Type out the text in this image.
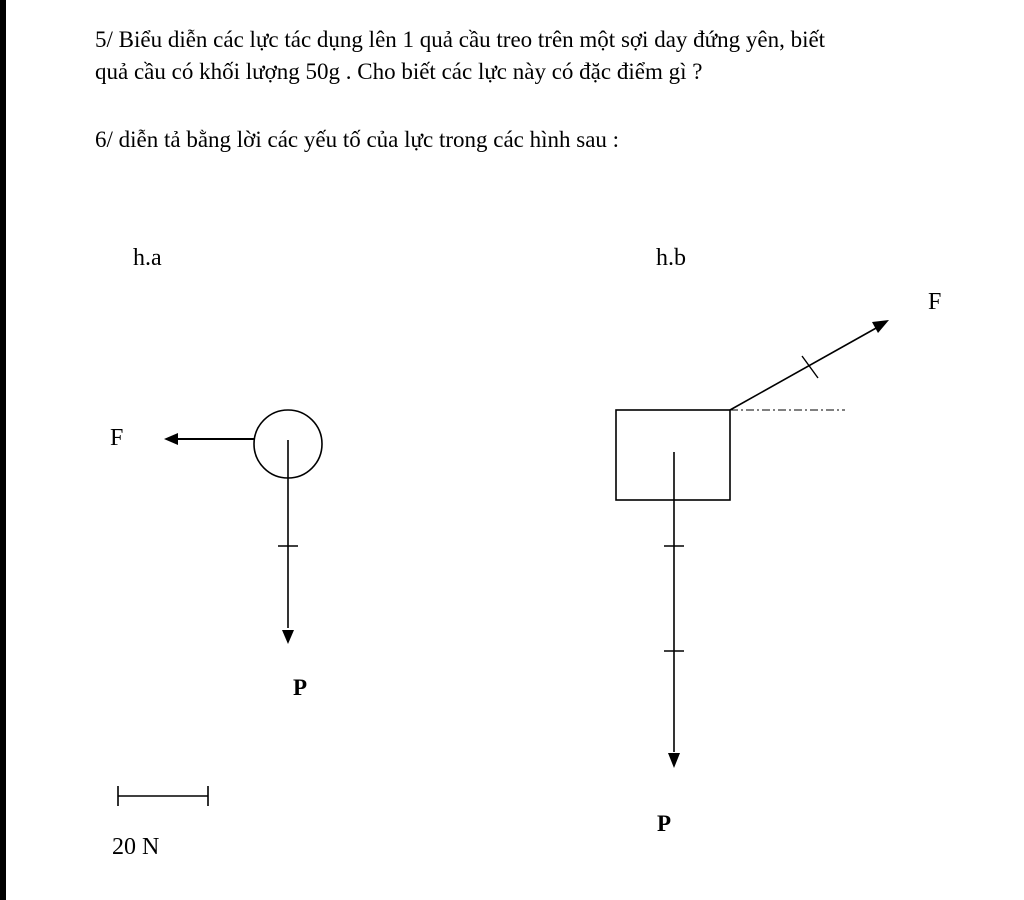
5/ Biểu diễn các lực tác dụng lên 1 quả cầu treo trên một sợi day đứng yên, biết
quả cầu có khối lượng 50g . Cho biết các lực này có đặc điểm gì ?
6/ diễn tả bằng lời các yếu tố của lực trong các hình sau :
h.a
F
P
20 N
h.b
F
P
